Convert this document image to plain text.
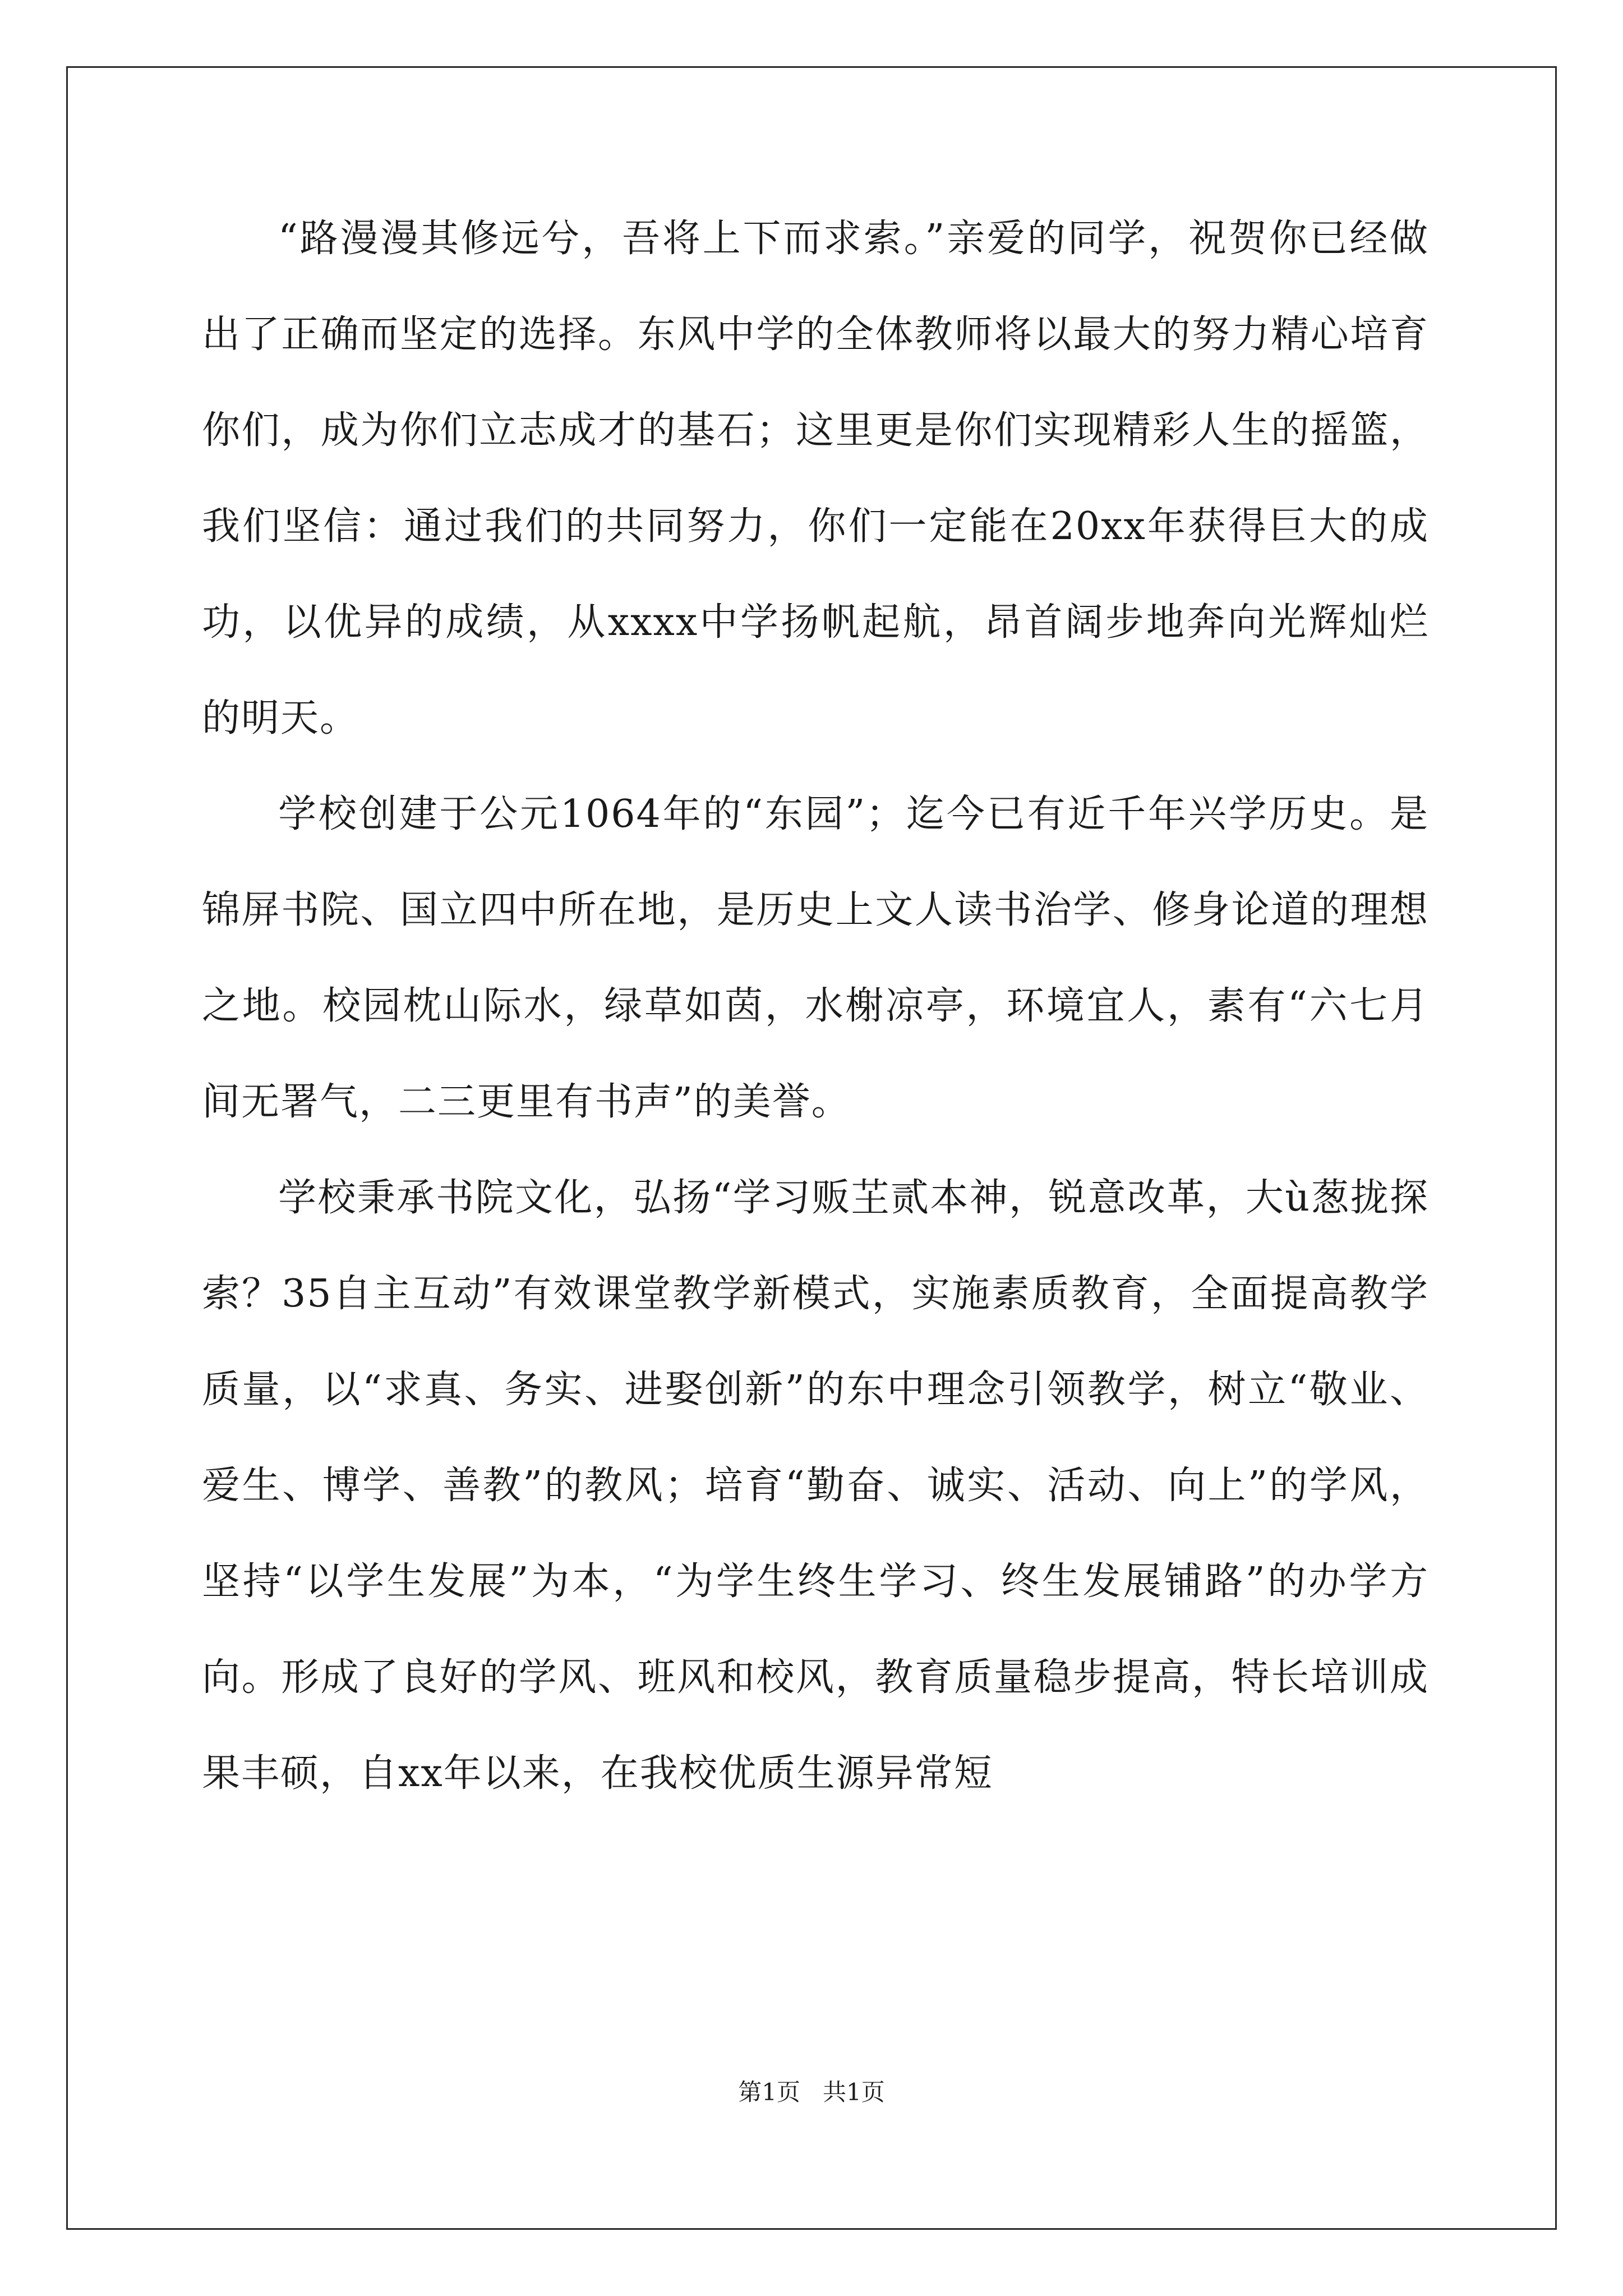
“路漫漫其修远兮，吾将上下而求索。”亲爱的同学，祝贺你已经做出了正确而坚定的选择。东风中学的全体教师将以最大的努力精心培育你们，成为你们立志成才的基石；这里更是你们实现精彩人生的摇篮，我们坚信：通过我们的共同努力，你们一定能在20xx年获得巨大的成功，以优异的成绩，从xxxx中学扬帆起航，昂首阔步地奔向光辉灿烂的明天。

学校创建于公元1064年的“东园”；迄今已有近千年兴学历史。是锦屏书院、国立四中所在地，是历史上文人读书治学、修身论道的理想之地。校园枕山际水，绿草如茵，水榭凉亭，环境宜人，素有“六七月间无署气，二三更里有书声”的美誉。

学校秉承书院文化，弘扬“学习贩芏贰本神，锐意改革，大ù葱拢探索？35自主互动”有效课堂教学新模式，实施素质教育，全面提高教学质量，以“求真、务实、进娶创新”的东中理念引领教学，树立“敬业、爱生、博学、善教”的教风；培育“勤奋、诚实、活动、向上”的学风，坚持“以学生发展”为本，“为学生终生学习、终生发展铺路”的办学方向。形成了良好的学风、班风和校风，教育质量稳步提高，特长培训成果丰硕，自xx年以来，在我校优质生源异常短

第1页 共1页
